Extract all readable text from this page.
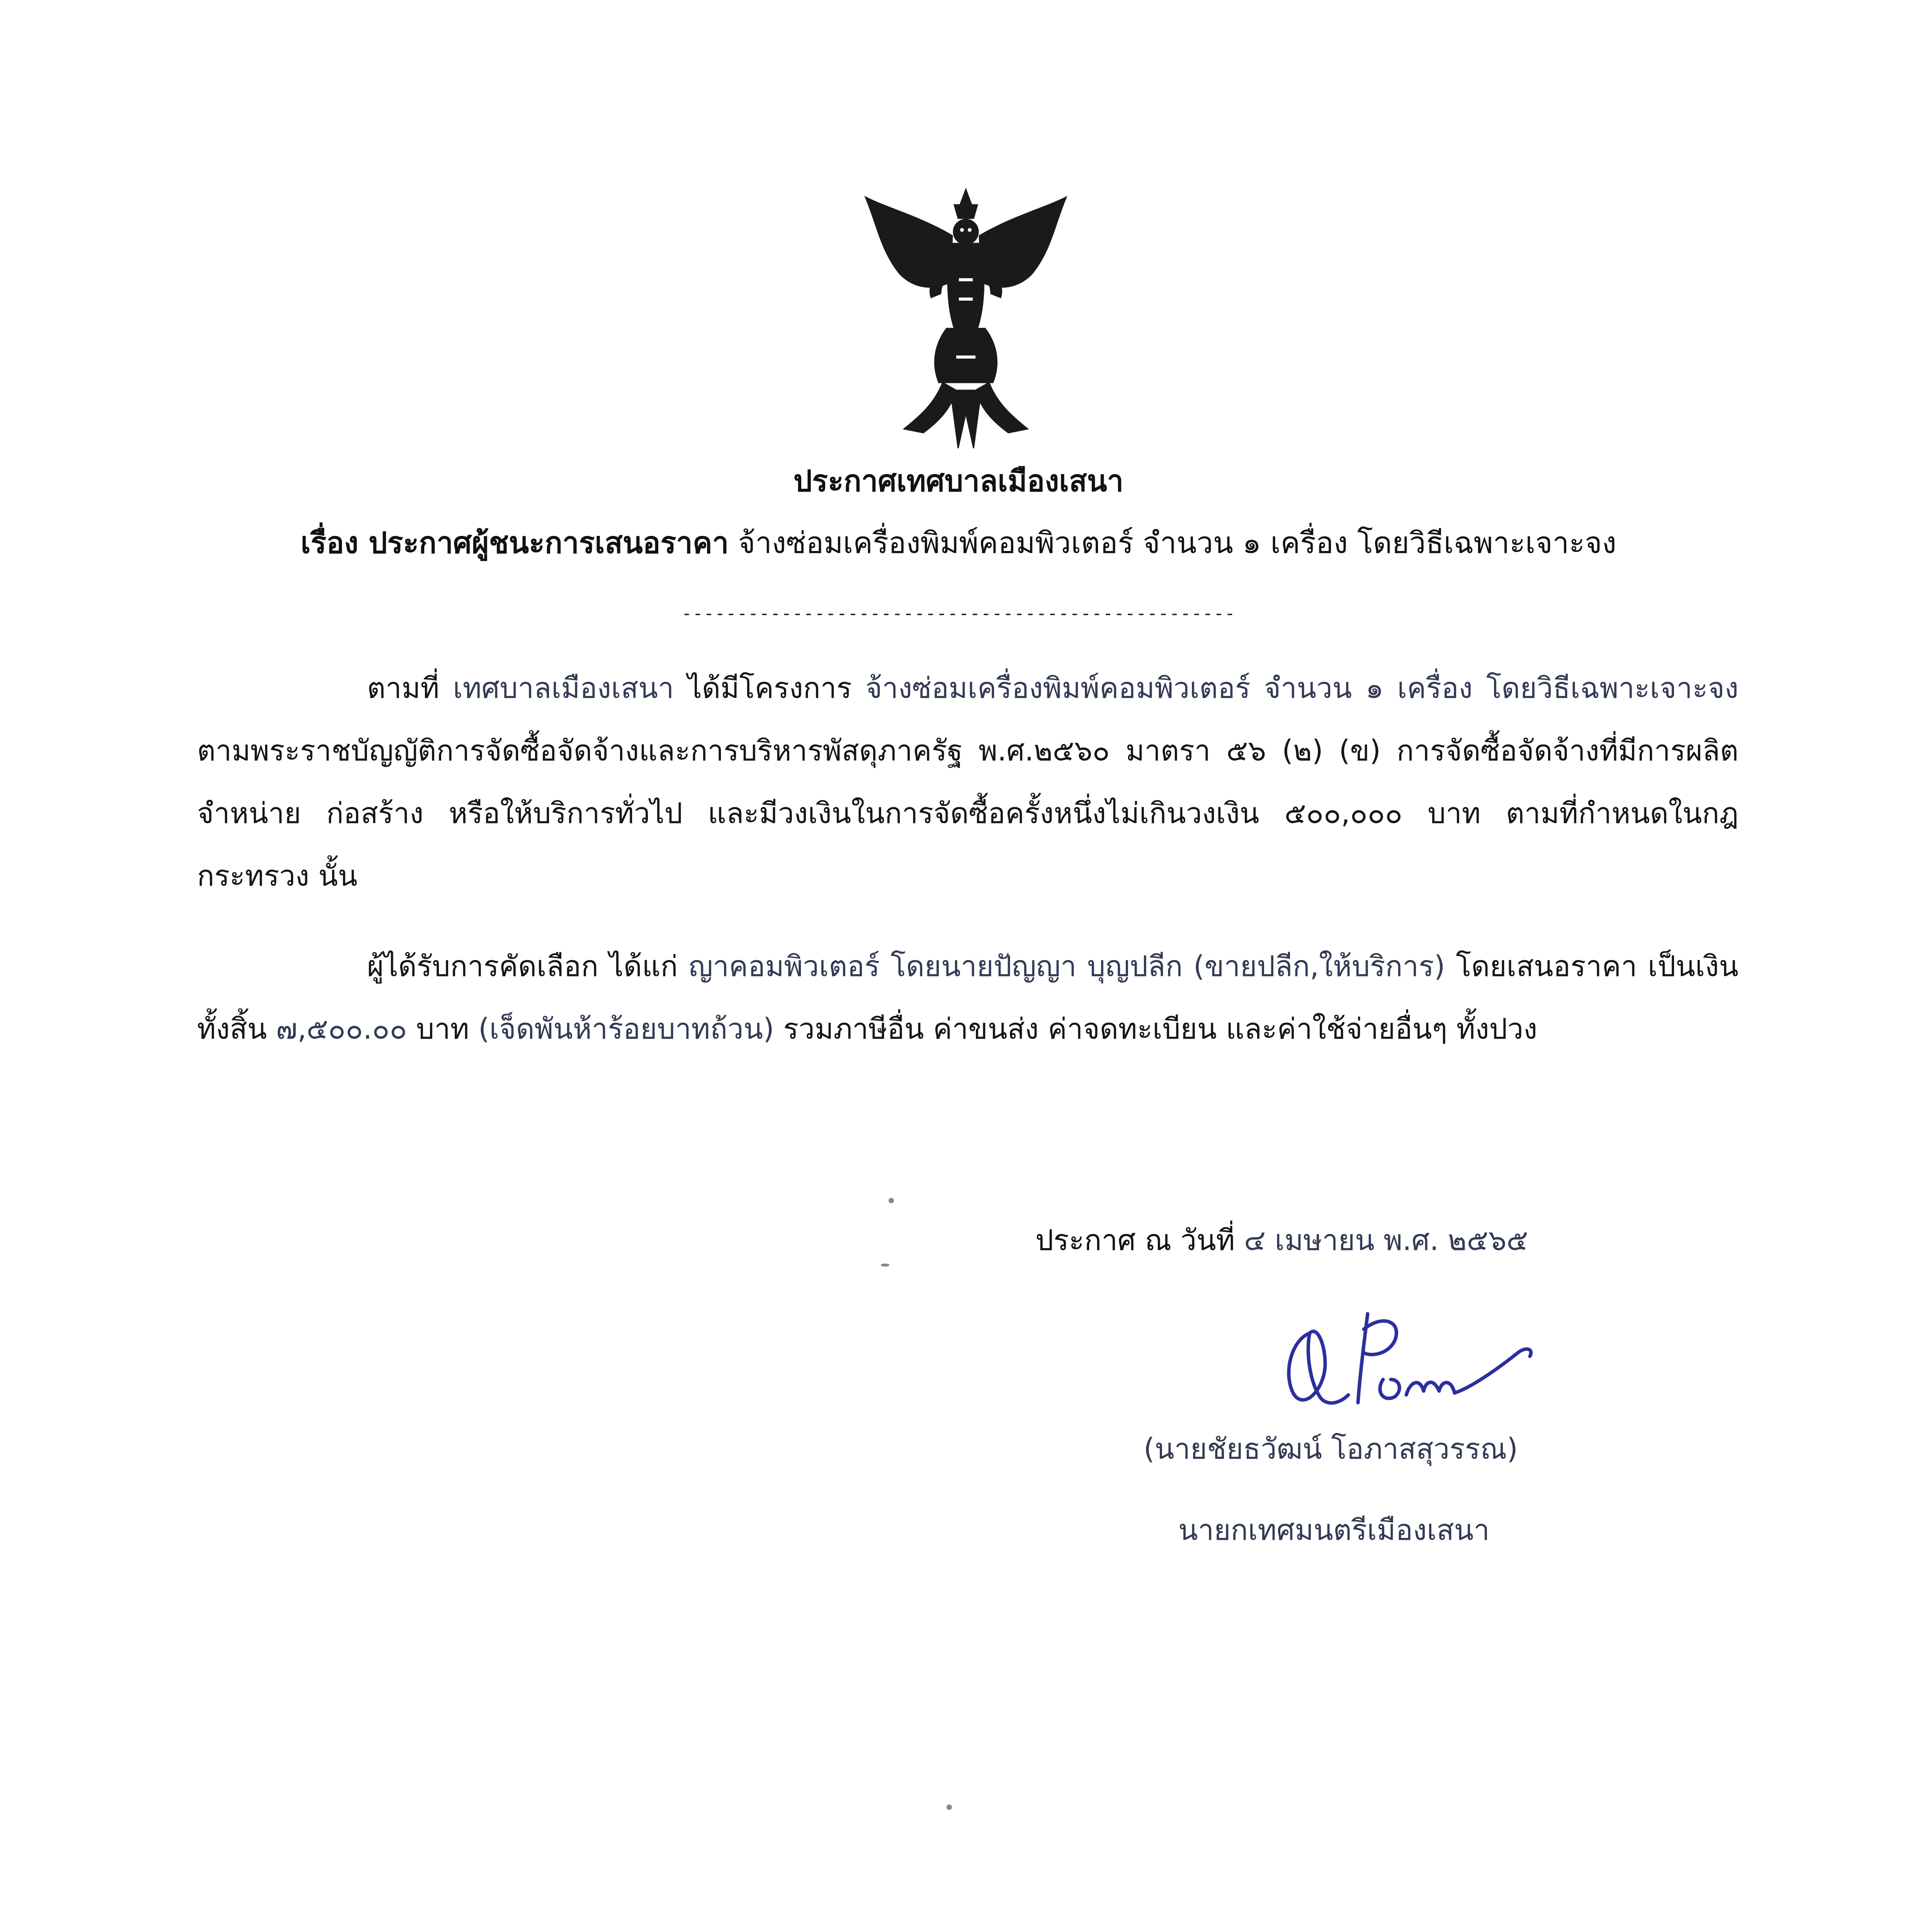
ประกาศเทศบาลเมืองเสนา
เรื่อง ประกาศผู้ชนะการเสนอราคา จ้างซ่อมเครื่องพิมพ์คอมพิวเตอร์ จำนวน ๑ เครื่อง โดยวิธีเฉพาะเจาะจง
--------------------------------------------------
ตามที่ เทศบาลเมืองเสนา ได้มีโครงการ จ้างซ่อมเครื่องพิมพ์คอมพิวเตอร์ จำนวน ๑ เครื่อง โดยวิธีเฉพาะเจาะจง ตามพระราชบัญญัติการจัดซื้อจัดจ้างและการบริหารพัสดุภาครัฐ พ.ศ.๒๕๖๐ มาตรา ๕๖ (๒) (ข) การจัดซื้อจัดจ้างที่มีการผลิต จำหน่าย ก่อสร้าง หรือให้บริการทั่วไป และมีวงเงินในการจัดซื้อครั้งหนึ่งไม่เกินวงเงิน ๕๐๐,๐๐๐ บาท ตามที่กำหนดในกฎกระทรวง นั้น
ผู้ได้รับการคัดเลือก ได้แก่ ญาคอมพิวเตอร์ โดยนายปัญญา บุญปลีก (ขายปลีก,ให้บริการ) โดยเสนอราคา เป็นเงินทั้งสิ้น ๗,๕๐๐.๐๐ บาท (เจ็ดพันห้าร้อยบาทถ้วน) รวมภาษีอื่น ค่าขนส่ง ค่าจดทะเบียน และค่าใช้จ่ายอื่นๆ ทั้งปวง
ประกาศ ณ วันที่ ๔ เมษายน พ.ศ. ๒๕๖๕
(นายชัยธวัฒน์ โอภาสสุวรรณ)
นายกเทศมนตรีเมืองเสนา
